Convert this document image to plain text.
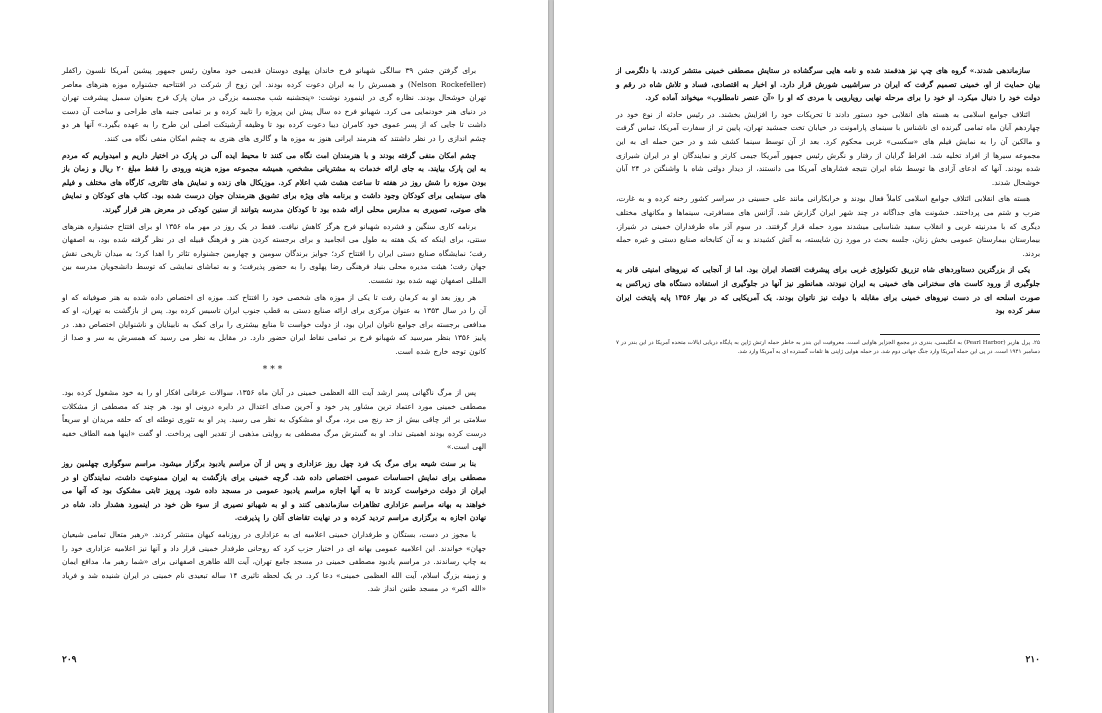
برای گرفتن جشن ۳۹ سالگی شهبانو فرح خاندان پهلوی دوستان قدیمی خود معاون رئیس جمهور پیشین آمریکا نلسون راکفلر (Nelson Rockefeller) و همسرش را به ایران دعوت کرده بودند. این زوج از شرکت در افتتاحیه جشنواره موزه هنرهای معاصر تهران خوشحال بودند. نظاره گری در اینمورد نوشت: «پنجشنبه شب مجسمه بزرگی در میان پارک فرح بعنوان سمبل پیشرفت تهران در دنیای هنر خودنمایی می کرد. شهبانو فرح ده سال پیش این پروژه را تایید کرده و بر تمامی جنبه های طراحی و ساخت آن دست داشت تا جایی که از پسر عموی خود کامران دیبا دعوت کرده بود تا وظیفه آرشیتکت اصلی این طرح را به عهده بگیرد.» آنها هر دو چشم اندازی را در نظر داشتند که هنرمند ایرانی هنوز به موزه ها و گالری های هنری به چشم امکان منفی نگاه می کنند.

چشم امکان منفی گرفته بودند و با هنرمندان امت نگاه می کنند تا محیط ایده آلی در پارک در اختیار داریم و امیدواریم که مردم به این پارک بیایند. به جای ارائه خدمات به مشتریانی مشخص، همیشه مجموعه موزه هزینه ورودی را فقط مبلغ ۲۰ ریال و زمان باز بودن موزه را شش روز در هفته تا ساعت هشت شب اعلام کرد. موزیکال های زنده و نمایش های تئاتری، کارگاه های مختلف و فیلم های سینمایی برای کودکان وجود داشت و برنامه های ویژه برای تشویق هنرمندان جوان درست شده بود. کتاب های کودکان و نمایش های صوتی، تصویری به مدارس محلی ارائه شده بود تا کودکان مدرسه بتوانند از سنین کودکی در معرض هنر قرار گیرند.

برنامه کاری سنگین و فشرده شهبانو فرح هرگز کاهش نیافت. فقط در یک روز در مهر ماه ۱۳۵۶ او برای افتتاح جشنواره هنرهای سنتی، برای اینکه که یک هفته به طول می انجامید و برای برجسته کردن هنر و فرهنگ قبیله ای در نظر گرفته شده بود، به اصفهان رفت؛ نمایشگاه صنایع دستی ایران را افتتاح کرد؛ جوایز برندگان سومین و چهارمین جشنواره تئاتر را اهدا کرد؛ به میدان تاریخی نقش جهان رفت؛ هیئت مدیره محلی بنیاد فرهنگی رضا پهلوی را به حضور پذیرفت؛ و به تماشای نمایشی که توسط دانشجویان مدرسه بین المللی اصفهان تهیه شده بود نشست.

هر روز بعد او به کرمان رفت تا یکی از موزه های شخصی خود را افتتاح کند. موزه ای اختصاص داده شده به هنر صوفیانه که او آن را در سال ۱۳۵۳ به عنوان مرکزی برای ارائه صنایع دستی به قطب جنوب ایران تاسیس کرده بود. پس از بازگشت به تهران، او که مدافعی برجسته برای جوامع ناتوان ایران بود، از دولت خواست تا منابع بیشتری را برای کمک به نابینایان و ناشنوایان اختصاص دهد. در پاییز ۱۳۵۶ بنظر میرسید که شهبانو فرح بر تمامی نقاط ایران حضور دارد. در مقابل به نظر می رسید که همسرش به سر و صدا از کانون توجه خارج شده است.

***

پس از مرگ ناگهانی پسر ارشد آیت الله العظمی خمینی در آبان ماه ۱۳۵۶، سوالات عرفانی افکار او را به خود مشغول کرده بود. مصطفی خمینی مورد اعتماد ترین مشاور پدر خود و آخرین صدای اعتدال در دایره درونی او بود. هر چند که مصطفی از مشکلات سلامتی بر اثر چاقی بیش از حد رنج می برد، مرگ او مشکوک به نظر می رسید. پدر او به تئوری توطئه ای که حلقه مریدان او سریعاً درست کرده بودند اهمیتی نداد. او به گسترش مرگ مصطفی به روایتی مذهبی از تقدیر الهی پرداخت. او گفت «اینها همه الطاف خفیه الهی است.»

بنا بر سنت شیعه برای مرگ یک فرد چهل روز عزاداری و پس از آن مراسم یادبود برگزار میشود. مراسم سوگواری چهلمین روز مصطفی برای نمایش احساسات عمومی اختصاص داده شد. گرچه خمینی برای بازگشت به ایران ممنوعیت داشت، نمایندگان او در ایران از دولت درخواست کردند تا به آنها اجازه مراسم یادبود عمومی در مسجد داده شود. پرویز ثابتی مشکوک بود که آنها می خواهند به بهانه مراسم عزاداری تظاهرات سازماندهی کنند و او به شهبانو نصیری از سوء ظن خود در اینمورد هشدار داد. شاه در نهادن اجازه به برگزاری مراسم تردید کرده و در نهایت تقاضای آنان را پذیرفت.

با مجوز در دست، بستگان و طرفداران خمینی اعلامیه ای به عزاداری در روزنامه کیهان منتشر کردند. «رهبر متعال تمامی شیعیان جهان» خواندند. این اعلامیه عمومی بهانه ای در اختیار حزب کرد که روحانی طرفدار خمینی قرار داد و آنها نیز اعلامیه عزاداری خود را به چاپ رساندند. در مراسم یادبود مصطفی خمینی در مسجد جامع تهران، آیت الله طاهری اصفهانی برای «شما رهبر ما، مدافع ایمان و زمینه بزرگ اسلام، آیت الله العظمی خمینی» دعا کرد. در یک لحظه تاثیری ۱۴ ساله تبعیدی نام خمینی در ایران شنیده شد و فریاد «الله اکبر» در مسجد طنین انداز شد.

۲۰۹

سازماندهی شدند.» گروه های چپ نیز هدفمند شده و نامه هایی سرگشاده در ستایش مصطفی خمینی منتشر کردند. با دلگرمی از بیان حمایت از او، خمینی تصمیم گرفت که ایران در سراشیبی شورش قرار دارد. او اخبار به اقتصادی، فساد و تلاش شاه در رقم و دولت خود را دنبال میکرد. او خود را برای مرحله نهایی رویارویی با مردی که او را «آن عنصر نامطلوب» میخواند آماده کرد.

ائتلاف جوامع اسلامی به هسته های انقلابی خود دستور دادند تا تحریکات خود را افزایش بخشند. در رئیس حادثه از نوع خود در چهاردهم آبان ماه تمامی گیرنده ای ناشناس با سینمای پارامونت در خیابان تخت جمشید تهران، پایین تر از سفارت آمریکا، تماس گرفت و مالکین آن را به نمایش فیلم های «سکسی» غربی محکوم کرد. بعد از آن توسط سینما کشف شد و در حین حمله ای به این مجموعه سیرها از افراد تخلیه شد. افراط گرایان از رفتار و نگرش رئیس جمهور آمریکا جیمی کارتر و نمایندگان او در ایران شیرازی شده بودند. آنها که ادعای آزادی ها توسط شاه ایران نتیجه فشارهای آمریکا می دانستند، از دیدار دولتی شاه با واشنگتن در ۲۴ آبان خوشحال شدند.

هسته های انقلابی ائتلاف جوامع اسلامی کاملاً فعال بودند و خرابکارانی مانند علی حسینی در سراسر کشور رخنه کرده و به غارت، ضرب و شتم می پرداختند. خشونت های جداگانه در چند شهر ایران گزارش شد. آژانس های مسافرتی، سینماها و مکانهای مختلف دیگری که با مدرنیته غربی و انقلاب سفید شناسایی میشدند مورد حمله قرار گرفتند. در سوم آذر ماه طرفداران خمینی در شیراز، بیمارستان بیمارستان عمومی بخش زنان، جلسه بحث در مورد زن شایسته، به آتش کشیدند و به آن کتابخانه صنایع دستی و غیره حمله بردند.

یکی از بزرگترین دستاوردهای شاه تزریق تکنولوژی غربی برای پیشرفت اقتصاد ایران بود. اما از آنجایی که نیروهای امنیتی قادر به جلوگیری از ورود کاست های سخنرانی های خمینی به ایران نبودند، همانطور نیز آنها در جلوگیری از استفاده دستگاه های زیراکس به صورت اسلحه ای در دست نیروهای خمینی برای مقابله با دولت نیز ناتوان بودند. یک آمریکایی که در بهار ۱۳۵۶ پایه پایتخت ایران سفر کرده بود

۲۵. پرل هاربر (Pearl Harbor) به انگلیسی، بندری در مجمع الجزایر هاوایی است. معروفیت این بندر به خاطر حمله ارتش ژاپن به پایگاه دریایی ایالات متحده آمریکا در این بندر در ۷ دسامبر ۱۹۴۱ است. در پی این حمله آمریکا وارد جنگ جهانی دوم شد. در حمله هوایی ژاپنی ها تلفات گسترده ای به آمریکا وارد شد.
۲۱۰
